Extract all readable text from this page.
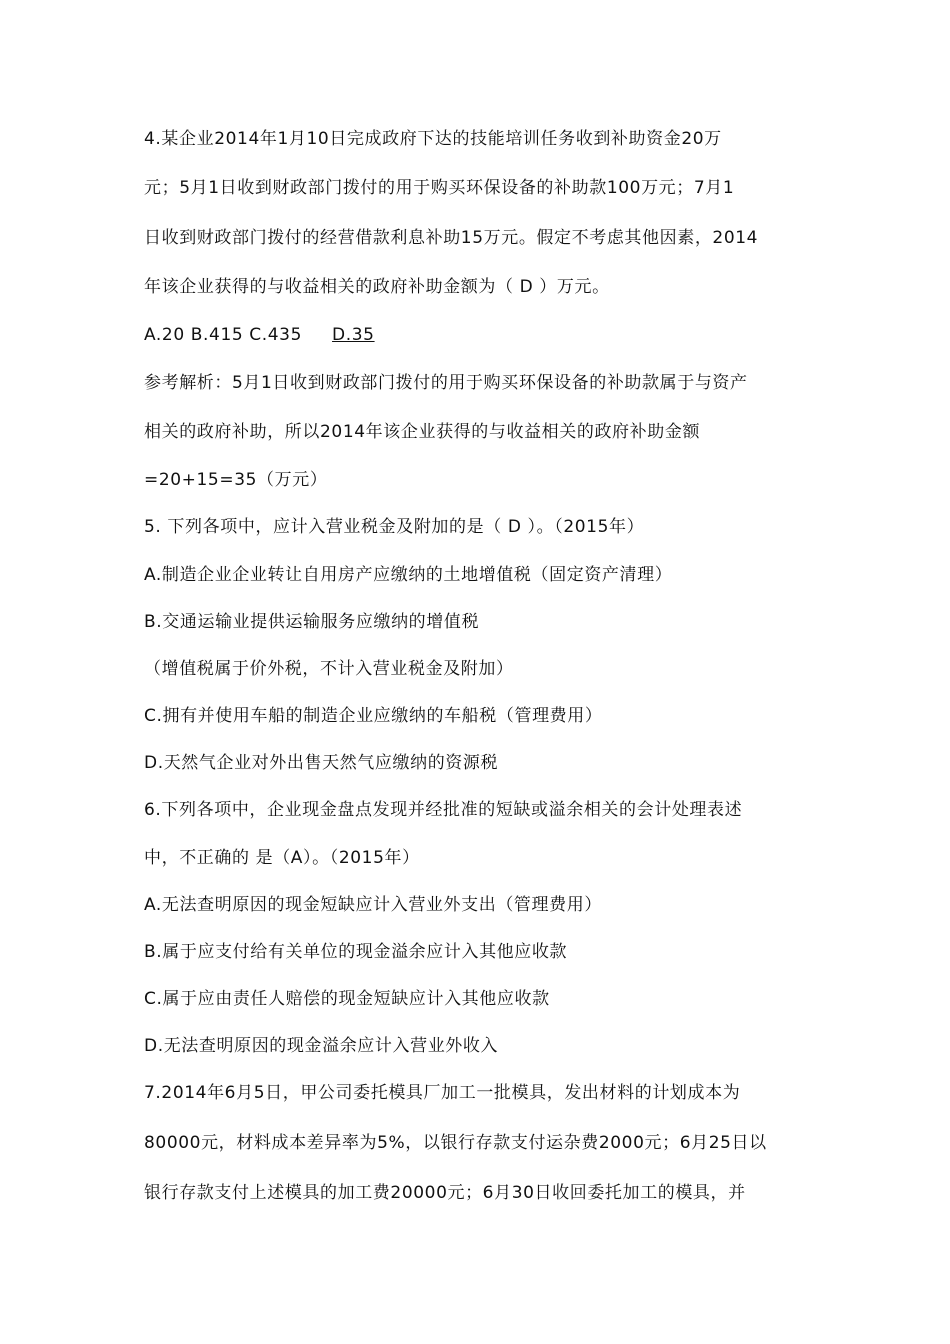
4.某企业2014年1月10日完成政府下达的技能培训任务收到补助资金20万
元；5月1日收到财政部门拨付的用于购买环保设备的补助款100万元；7月1
日收到财政部门拨付的经营借款利息补助15万元。假定不考虑其他因素，2014
年该企业获得的与收益相关的政府补助金额为（ D ）万元。
A.20 B.415 C.435 D.35
参考解析：5月1日收到财政部门拨付的用于购买环保设备的补助款属于与资产
相关的政府补助，所以2014年该企业获得的与收益相关的政府补助金额
=20+15=35（万元）
5. 下列各项中，应计入营业税金及附加的是（ D ）。（2015年）
A.制造企业企业转让自用房产应缴纳的土地增值税（固定资产清理）
B.交通运输业提供运输服务应缴纳的增值税
（增值税属于价外税，不计入营业税金及附加）
C.拥有并使用车船的制造企业应缴纳的车船税（管理费用）
D.天然气企业对外出售天然气应缴纳的资源税
6.下列各项中，企业现金盘点发现并经批准的短缺或溢余相关的会计处理表述
中，不正确的 是（A）。（2015年）
A.无法查明原因的现金短缺应计入营业外支出（管理费用）
B.属于应支付给有关单位的现金溢余应计入其他应收款
C.属于应由责任人赔偿的现金短缺应计入其他应收款
D.无法查明原因的现金溢余应计入营业外收入
7.2014年6月5日，甲公司委托模具厂加工一批模具，发出材料的计划成本为
80000元，材料成本差异率为5%，以银行存款支付运杂费2000元；6月25日以
银行存款支付上述模具的加工费20000元；6月30日收回委托加工的模具，并
